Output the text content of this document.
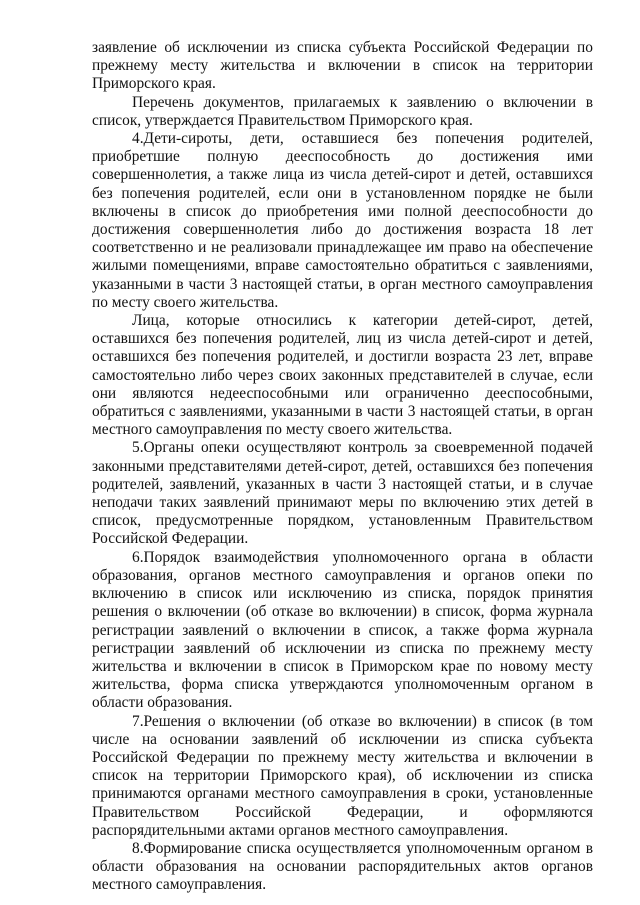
заявление об исключении из списка субъекта Российской Федерации по прежнему месту жительства и включении в список на территории Приморского края.

Перечень документов, прилагаемых к заявлению о включении в список, утверждается Правительством Приморского края.

4.Дети-сироты, дети, оставшиеся без попечения родителей, приобретшие полную дееспособность до достижения ими совершеннолетия, а также лица из числа детей-сирот и детей, оставшихся без попечения родителей, если они в установленном порядке не были включены в список до приобретения ими полной дееспособности до достижения совершеннолетия либо до достижения возраста 18 лет соответственно и не реализовали принадлежащее им право на обеспечение жилыми помещениями, вправе самостоятельно обратиться с заявлениями, указанными в части 3 настоящей статьи, в орган местного самоуправления по месту своего жительства.

Лица, которые относились к категории детей-сирот, детей, оставшихся без попечения родителей, лиц из числа детей-сирот и детей, оставшихся без попечения родителей, и достигли возраста 23 лет, вправе самостоятельно либо через своих законных представителей в случае, если они являются недееспособными или ограниченно дееспособными, обратиться с заявлениями, указанными в части 3 настоящей статьи, в орган местного самоуправления по месту своего жительства.

5.Органы опеки осуществляют контроль за своевременной подачей законными представителями детей-сирот, детей, оставшихся без попечения родителей, заявлений, указанных в части 3 настоящей статьи, и в случае неподачи таких заявлений принимают меры по включению этих детей в список, предусмотренные порядком, установленным Правительством Российской Федерации.

6.Порядок взаимодействия уполномоченного органа в области образования, органов местного самоуправления и органов опеки по включению в список или исключению из списка, порядок принятия решения о включении (об отказе во включении) в список, форма журнала регистрации заявлений о включении в список, а также форма журнала регистрации заявлений об исключении из списка по прежнему месту жительства и включении в список в Приморском крае по новому месту жительства, форма списка утверждаются уполномоченным органом в области образования.

7.Решения о включении (об отказе во включении) в список (в том числе на основании заявлений об исключении из списка субъекта Российской Федерации по прежнему месту жительства и включении в список на территории Приморского края), об исключении из списка принимаются органами местного самоуправления в сроки, установленные Правительством Российской Федерации, и оформляются распорядительными актами органов местного самоуправления.

8.Формирование списка осуществляется уполномоченным органом в области образования на основании распорядительных актов органов местного самоуправления.
